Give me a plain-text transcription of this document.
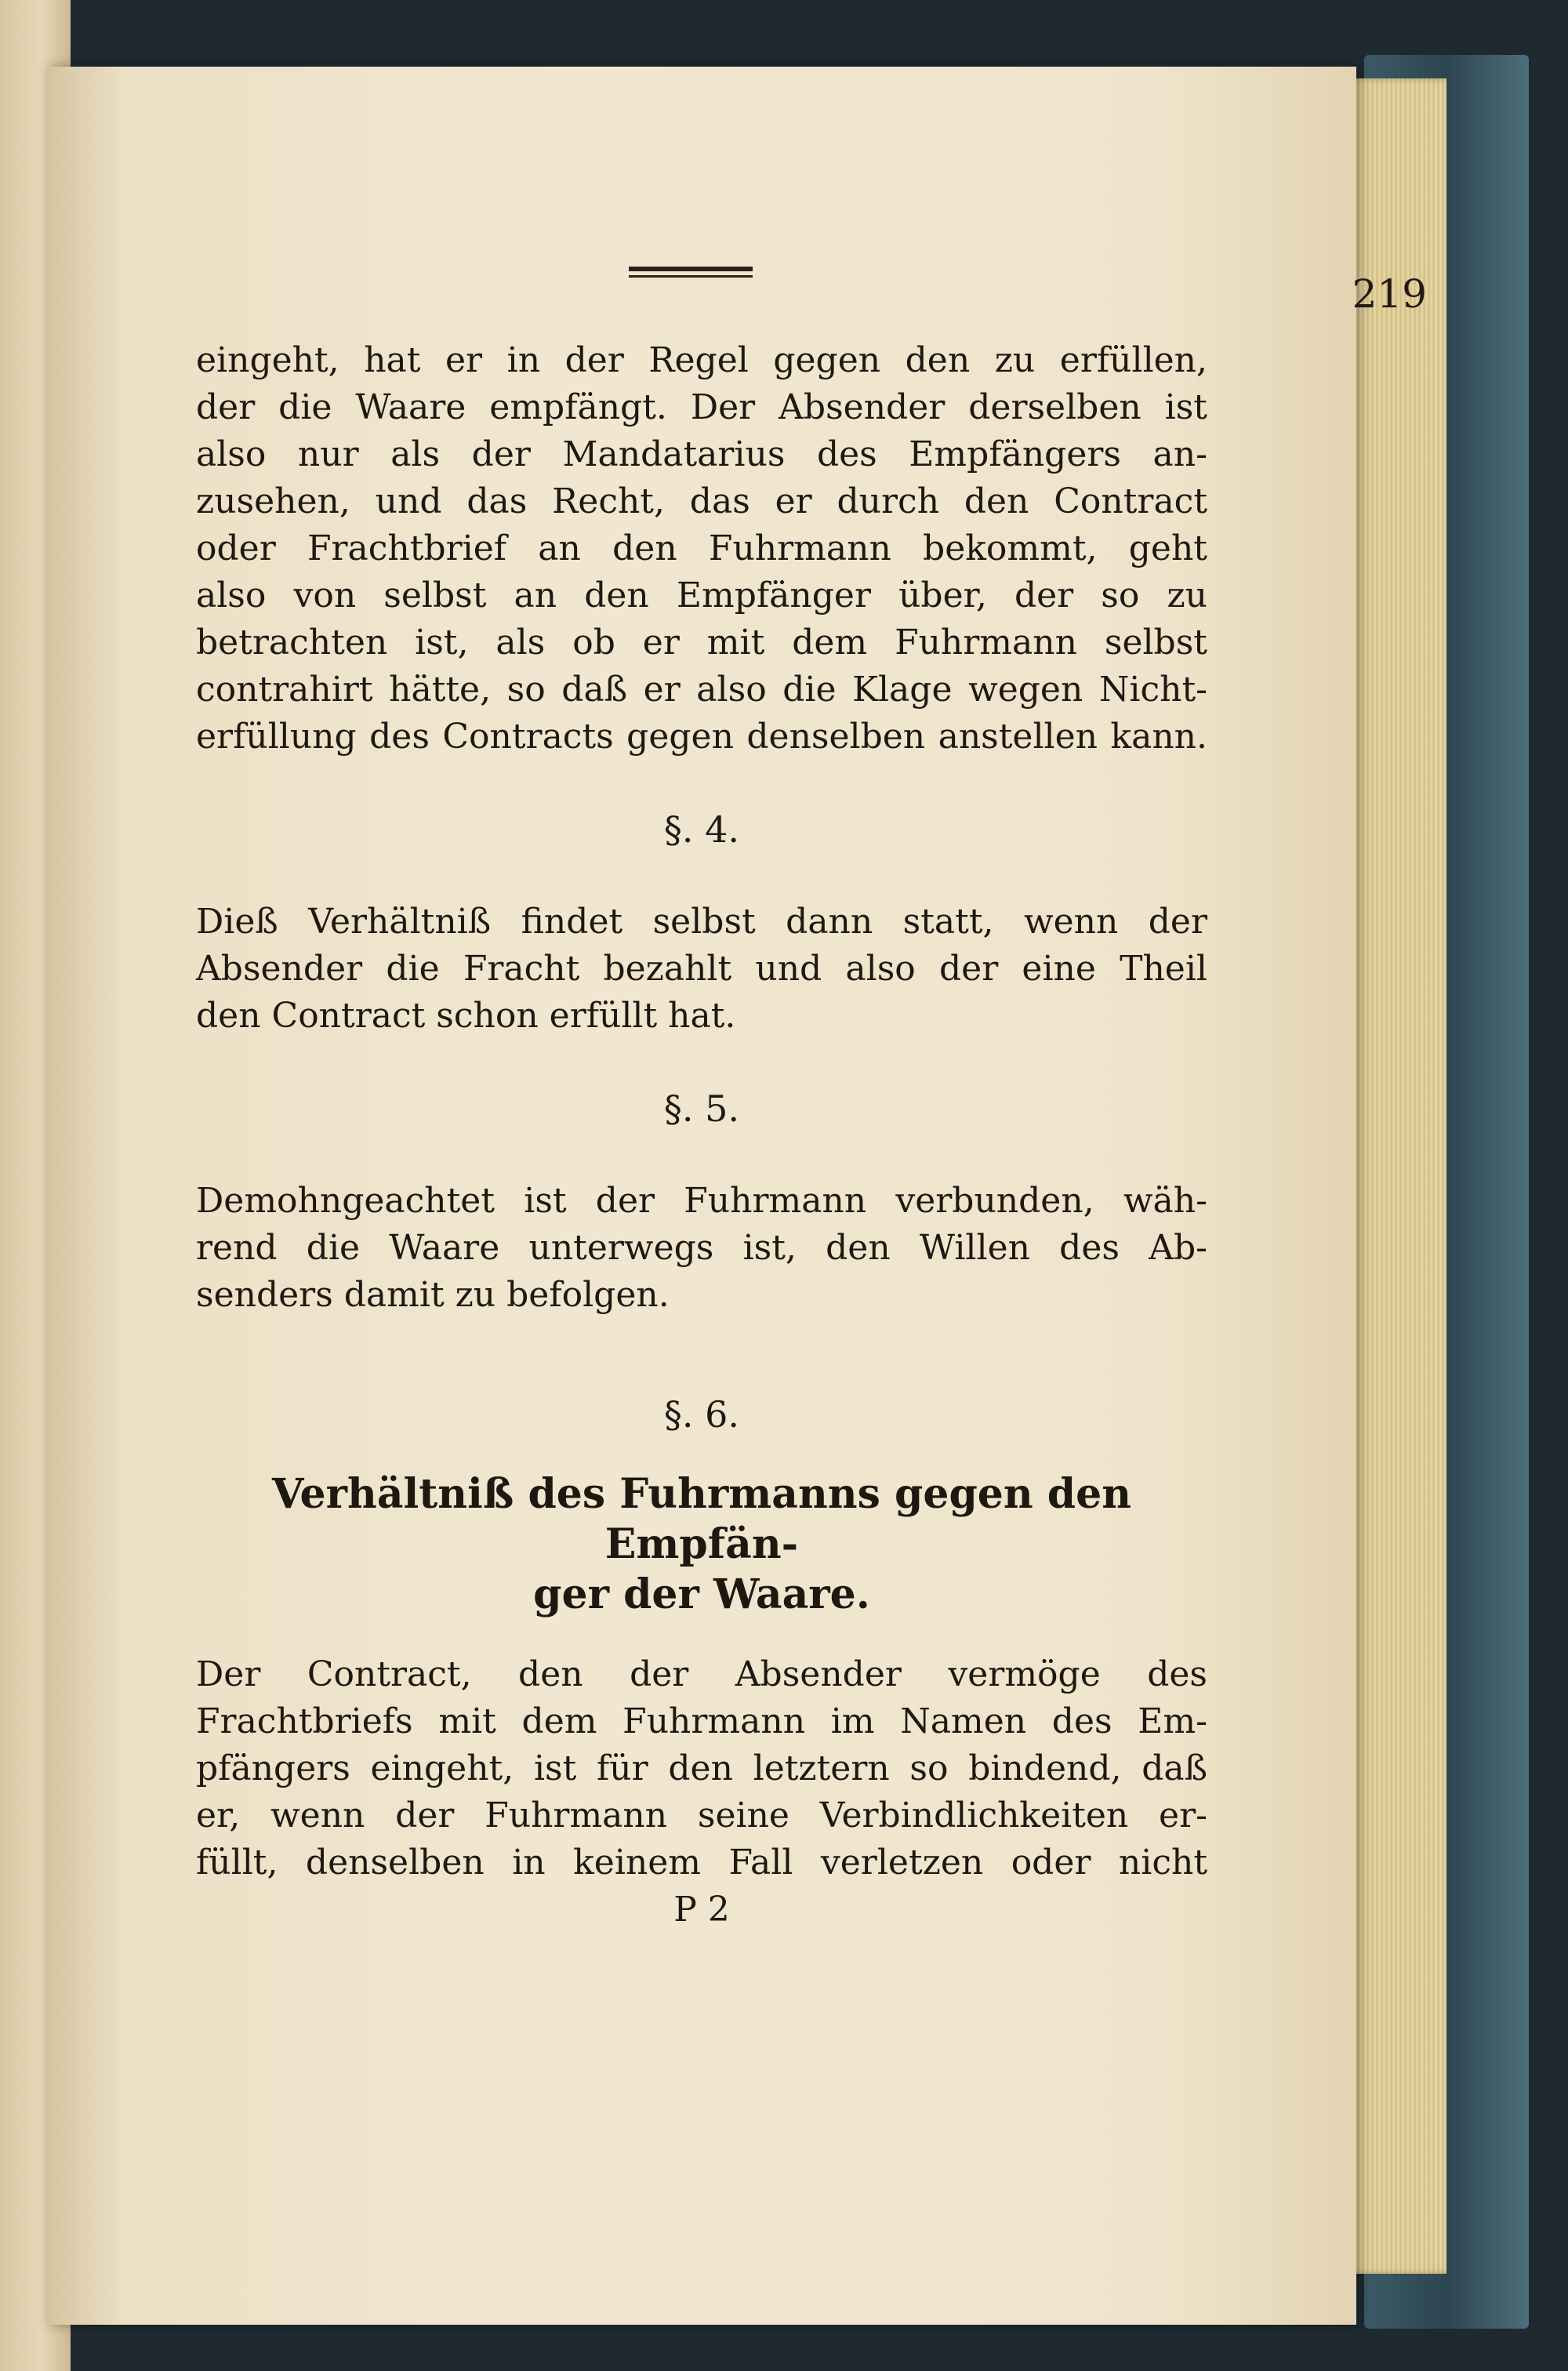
219
eingeht, hat er in der Regel gegen den zu erfüllen,
der die Waare empfängt. Der Absender derselben ist
also nur als der Mandatarius des Empfängers an-
zusehen, und das Recht, das er durch den Contract
oder Frachtbrief an den Fuhrmann bekommt, geht
also von selbst an den Empfänger über, der so zu
betrachten ist, als ob er mit dem Fuhrmann selbst
contrahirt hätte, so daß er also die Klage wegen Nicht-
erfüllung des Contracts gegen denselben anstellen kann.
§. 4.
Dieß Verhältniß findet selbst dann statt, wenn der
Absender die Fracht bezahlt und also der eine Theil
den Contract schon erfüllt hat.
§. 5.
Demohngeachtet ist der Fuhrmann verbunden, wäh-
rend die Waare unterwegs ist, den Willen des Ab-
senders damit zu befolgen.
§. 6.
Verhältniß des Fuhrmanns gegen den Empfän-
ger der Waare.
Der Contract, den der Absender vermöge des
Frachtbriefs mit dem Fuhrmann im Namen des Em-
pfängers eingeht, ist für den letztern so bindend, daß
er, wenn der Fuhrmann seine Verbindlichkeiten er-
füllt, denselben in keinem Fall verletzen oder nicht
P 2
